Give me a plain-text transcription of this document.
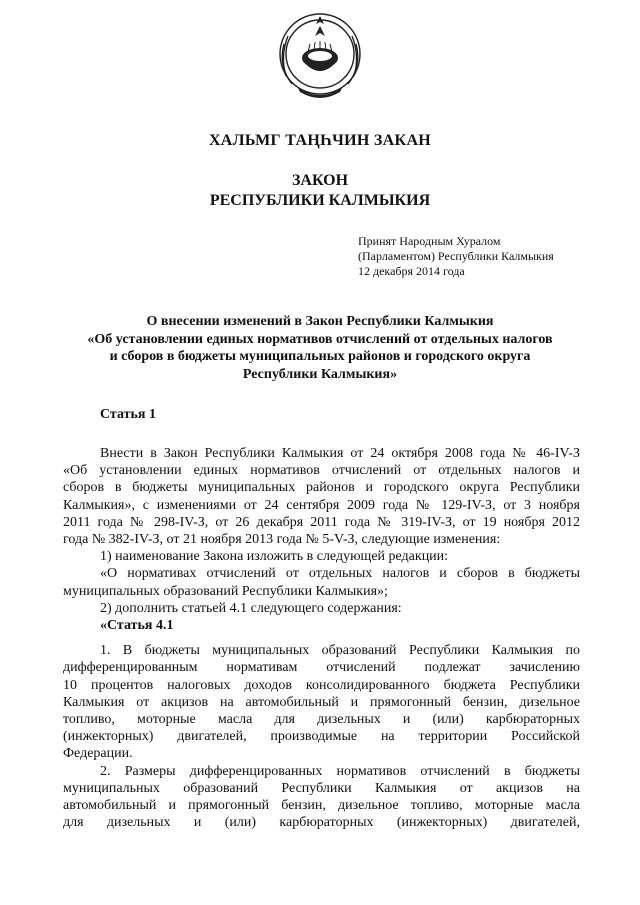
ХАЛЬМГ ТАҢҺЧИН ЗАКАН
ЗАКОН
РЕСПУБЛИКИ КАЛМЫКИЯ
Принят Народным Хуралом
(Парламентом) Республики Калмыкия
12 декабря 2014 года
О внесении изменений в Закон Республики Калмыкия
«Об установлении единых нормативов отчислений от отдельных налогов
и сборов в бюджеты муниципальных районов и городского округа
Республики Калмыкия»
Статья 1
Внести в Закон Республики Калмыкия от 24 октября 2008 года № 46-IV-З
«Об установлении единых нормативов отчислений от отдельных налогов и
сборов в бюджеты муниципальных районов и городского округа Республики
Калмыкия», с изменениями от 24 сентября 2009 года № 129-IV-З, от 3 ноября
2011 года № 298-IV-З, от 26 декабря 2011 года № 319-IV-З, от 19 ноября 2012
года № 382-IV-З, от 21 ноября 2013 года № 5-V-З, следующие изменения:
1) наименование Закона изложить в следующей редакции:
«О нормативах отчислений от отдельных налогов и сборов в бюджеты
муниципальных образований Республики Калмыкия»;
2) дополнить статьей 4.1 следующего содержания:
«Статья 4.1
1. В бюджеты муниципальных образований Республики Калмыкия по
дифференцированным нормативам отчислений подлежат зачислению
10 процентов налоговых доходов консолидированного бюджета Республики
Калмыкия от акцизов на автомобильный и прямогонный бензин, дизельное
топливо, моторные масла для дизельных и (или) карбюраторных
(инжекторных) двигателей, производимые на территории Российской
Федерации.
2. Размеры дифференцированных нормативов отчислений в бюджеты
муниципальных образований Республики Калмыкия от акцизов на
автомобильный и прямогонный бензин, дизельное топливо, моторные масла
для дизельных и (или) карбюраторных (инжекторных) двигателей,
